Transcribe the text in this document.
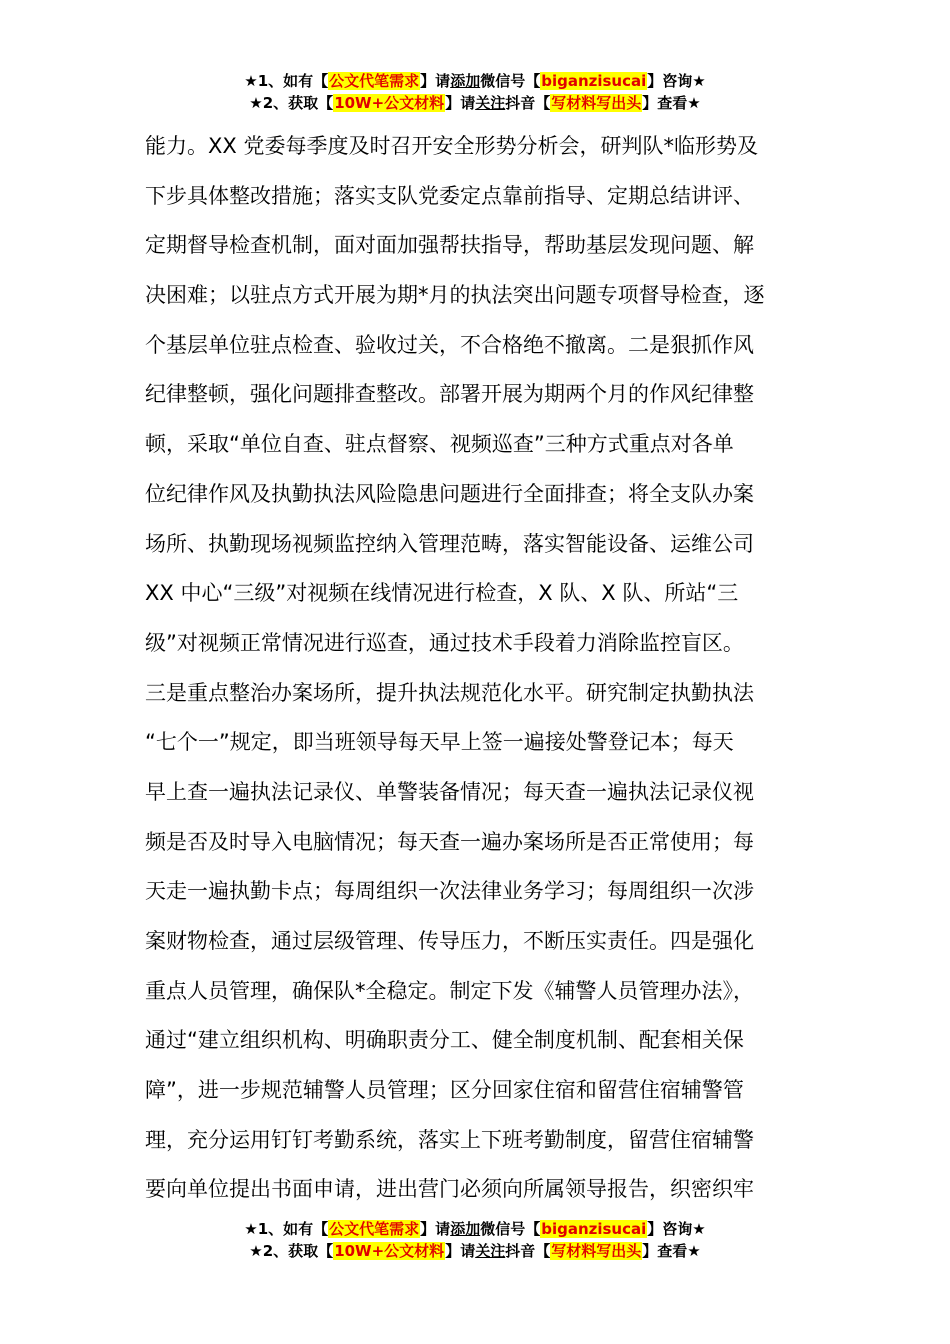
★1、如有【公文代笔需求】请添加微信号【biganzisucai】咨询★
★2、获取【10W+公文材料】请关注抖音【写材料写出头】查看★
能力。XX 党委每季度及时召开安全形势分析会，研判队*临形势及
下步具体整改措施；落实支队党委定点靠前指导、定期总结讲评、
定期督导检查机制，面对面加强帮扶指导，帮助基层发现问题、解
决困难；以驻点方式开展为期*月的执法突出问题专项督导检查，逐
个基层单位驻点检查、验收过关，不合格绝不撤离。二是狠抓作风
纪律整顿，强化问题排查整改。部署开展为期两个月的作风纪律整
顿，采取“单位自查、驻点督察、视频巡查”三种方式重点对各单
位纪律作风及执勤执法风险隐患问题进行全面排查；将全支队办案
场所、执勤现场视频监控纳入管理范畴，落实智能设备、运维公司
XX 中心“三级”对视频在线情况进行检查，X 队、X 队、所站“三
级”对视频正常情况进行巡查，通过技术手段着力消除监控盲区。
三是重点整治办案场所，提升执法规范化水平。研究制定执勤执法
“七个一”规定，即当班领导每天早上签一遍接处警登记本；每天
早上查一遍执法记录仪、单警装备情况；每天查一遍执法记录仪视
频是否及时导入电脑情况；每天查一遍办案场所是否正常使用；每
天走一遍执勤卡点；每周组织一次法律业务学习；每周组织一次涉
案财物检查，通过层级管理、传导压力，不断压实责任。四是强化
重点人员管理，确保队*全稳定。制定下发《辅警人员管理办法》，
通过“建立组织机构、明确职责分工、健全制度机制、配套相关保
障”，进一步规范辅警人员管理；区分回家住宿和留营住宿辅警管
理，充分运用钉钉考勤系统，落实上下班考勤制度，留营住宿辅警
要向单位提出书面申请，进出营门必须向所属领导报告，织密织牢
★1、如有【公文代笔需求】请添加微信号【biganzisucai】咨询★
★2、获取【10W+公文材料】请关注抖音【写材料写出头】查看★
